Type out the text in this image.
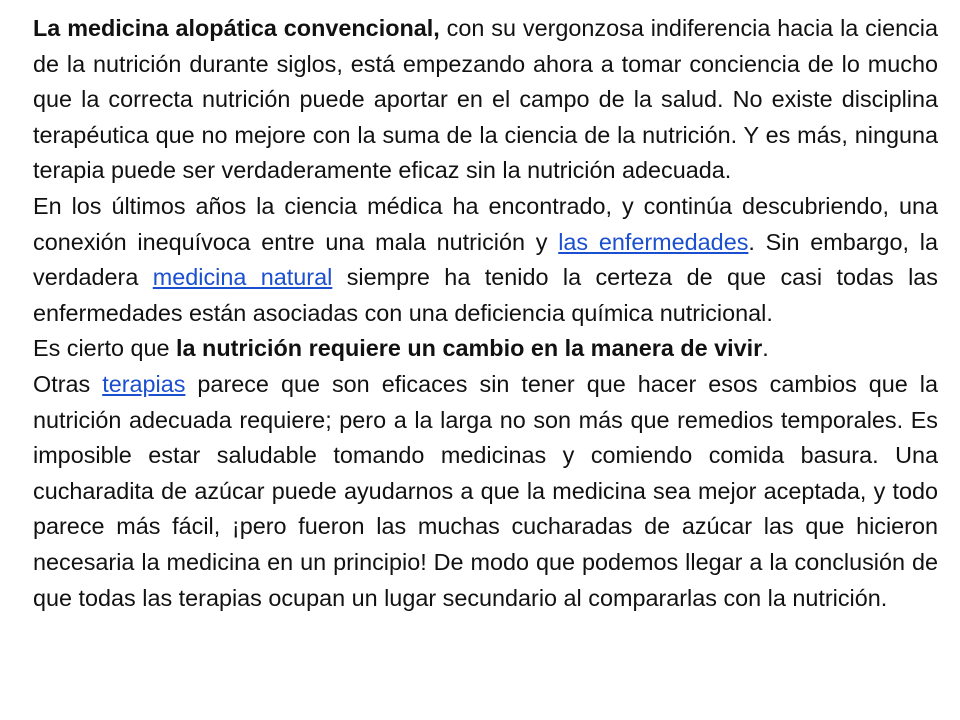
La medicina alopática convencional, con su vergonzosa indiferencia hacia la ciencia de la nutrición durante siglos, está empezando ahora a tomar conciencia de lo mucho que la correcta nutrición puede aportar en el campo de la salud. No existe disciplina terapéutica que no mejore con la suma de la ciencia de la nutrición. Y es más, ninguna terapia puede ser verdaderamente eficaz sin la nutrición adecuada.

En los últimos años la ciencia médica ha encontrado, y continúa descubriendo, una conexión inequívoca entre una mala nutrición y las enfermedades. Sin embargo, la verdadera medicina natural siempre ha tenido la certeza de que casi todas las enfermedades están asociadas con una deficiencia química nutricional.

Es cierto que la nutrición requiere un cambio en la manera de vivir.

Otras terapias parece que son eficaces sin tener que hacer esos cambios que la nutrición adecuada requiere; pero a la larga no son más que remedios temporales. Es imposible estar saludable tomando medicinas y comiendo comida basura. Una cucharadita de azúcar puede ayudarnos a que la medicina sea mejor aceptada, y todo parece más fácil, ¡pero fueron las muchas cucharadas de azúcar las que hicieron necesaria la medicina en un principio! De modo que podemos llegar a la conclusión de que todas las terapias ocupan un lugar secundario al compararlas con la nutrición.
